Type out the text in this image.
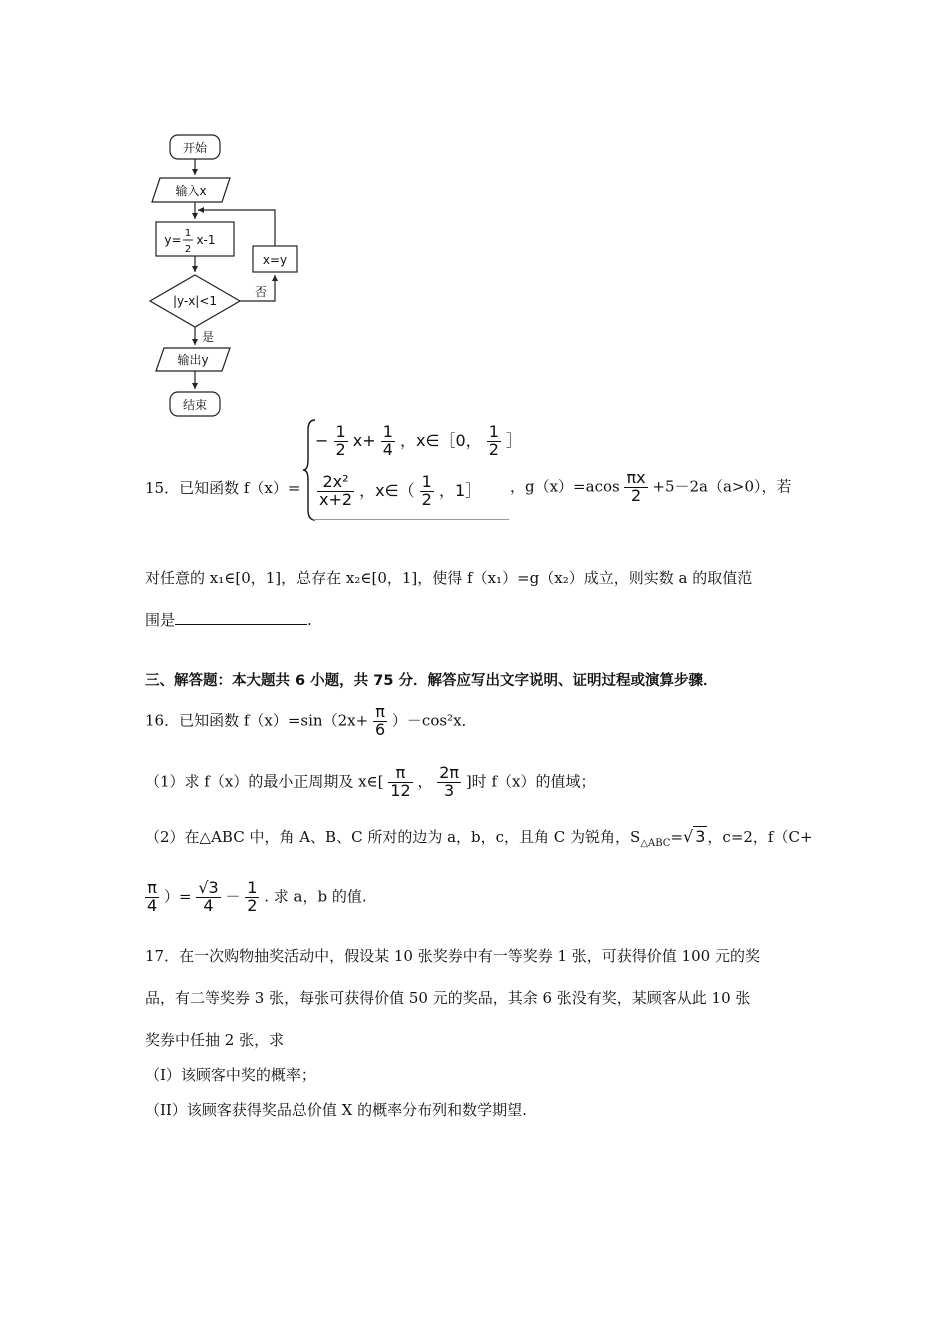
开始
输入x
x=y
|y-x|<1
否
是
输出y
结束
y= 1
2
x-1
− $\frac{1}{2} x+ \frac{1}{4}$ ，x∈［0， $\frac{1}{2}$ ］
$\frac{\text{2x²}}{x+2}$ ，x∈（ $\frac{1}{2}$ ，1］
15．已知函数 f（x）=	，$g(x)=acos \frac{\pi x}{2} +5-2a(a>0)$，若
对任意的 x₁∈[0，1]，总存在 x₂∈[0，1]，使得 f（x₁）=g（x₂）成立，则实数 a 的取值范
围是	.
三、解答题：本大题共 6 小题，共 75 分．解答应写出文字说明、证明过程或演算步骤．
16．已知函数 $f(x)=\sin(2x+ \frac{\pi}{6} )-\cos^2x$．
（1）求 f（x）的最小正周期及 x∈[ $\frac{\pi}{12}$ ， $\frac{2\pi}{3}$ ]时 f（x）的值域；
（2）在△ABC 中，角 A、B、C 所对的边为 a，b，c，且角 C 为锐角，$S_{\triangle ABC}=√$ 3 ，c=2，f（C+
$\frac{\pi}{4}$ ）= $\frac{√3}{4} - \frac{1}{2}$ . 求 a，b 的值.
17．在一次购物抽奖活动中，假设某 10 张奖券中有一等奖券 1 张，可获得价值 100 元的奖
品，有二等奖券 3 张，每张可获得价值 50 元的奖品，其余 6 张没有奖，某顾客从此 10 张
奖券中任抽 2 张，求
（I）该顾客中奖的概率；
（II）该顾客获得奖品总价值 X 的概率分布列和数学期望.
